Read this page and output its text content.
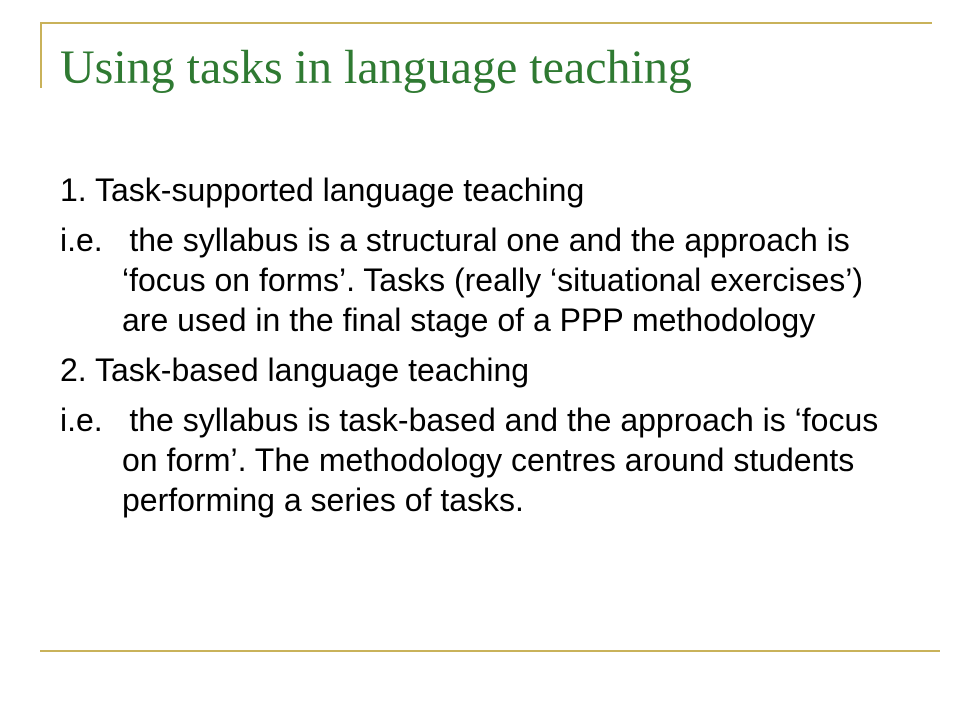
Using tasks in language teaching

1. Task-supported language teaching

i.e. the syllabus is a structural one and the approach is ‘focus on forms’. Tasks (really ‘situational exercises’) are used in the final stage of a PPP methodology

2. Task-based language teaching

i.e. the syllabus is task-based and the approach is ‘focus on form’. The methodology centres around students performing a series of tasks.
